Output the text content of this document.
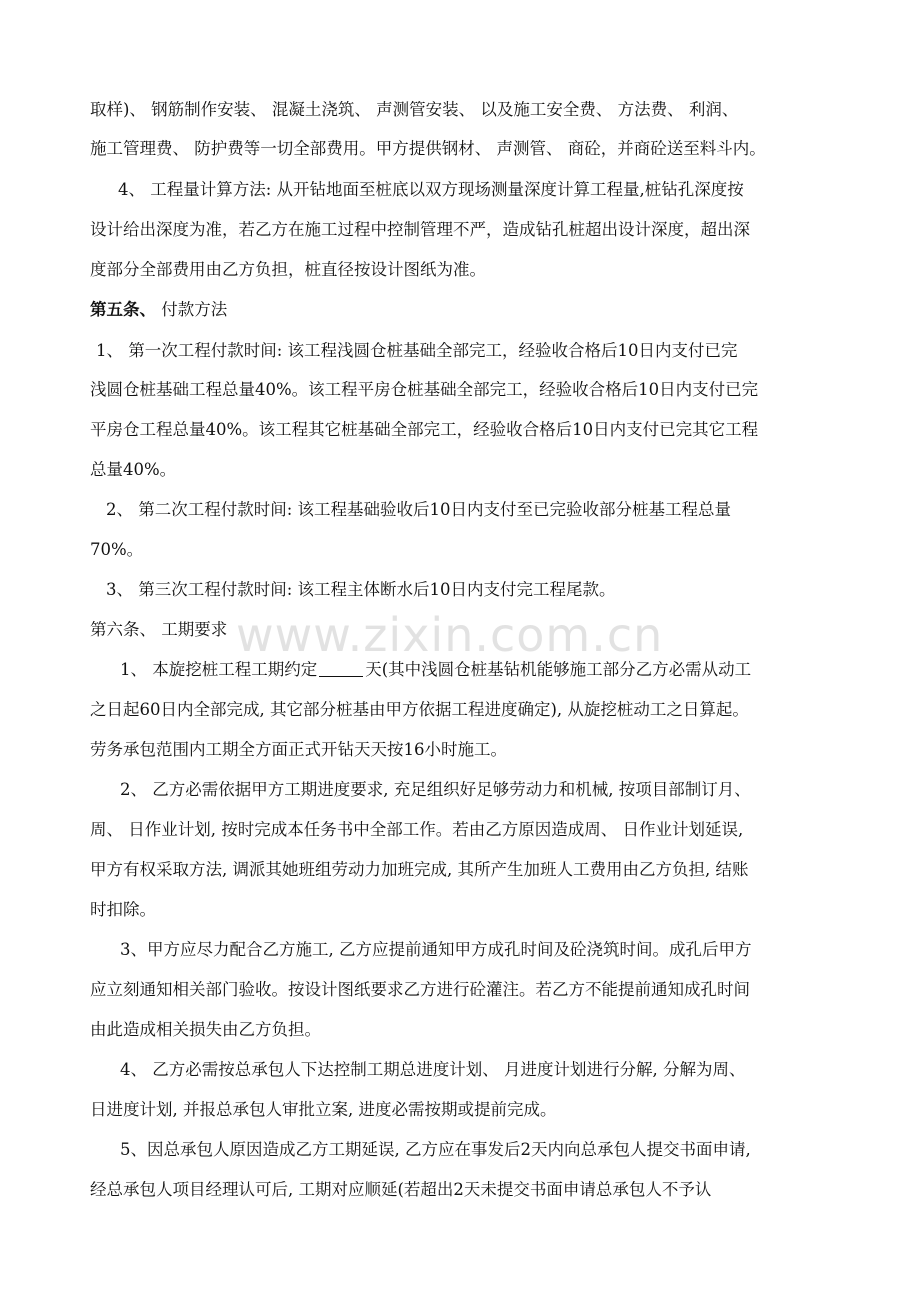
www.zixin.com.cn
取样)、 钢筋制作安装、 混凝土浇筑、 声测管安装、 以及施工安全费、 方法费、 利润、
施工管理费、 防护费等一切全部费用。甲方提供钢材、 声测管、 商砼，并商砼送至料斗内。
4、 工程量计算方法: 从开钻地面至桩底以双方现场测量深度计算工程量,桩钻孔深度按
设计给出深度为准，若乙方在施工过程中控制管理不严，造成钻孔桩超出设计深度，超出深
度部分全部费用由乙方负担，桩直径按设计图纸为准。
第五条、 付款方法
1、 第一次工程付款时间: 该工程浅圆仓桩基础全部完工，经验收合格后10日内支付已完
浅圆仓桩基础工程总量40%。该工程平房仓桩基础全部完工，经验收合格后10日内支付已完
平房仓工程总量40%。该工程其它桩基础全部完工，经验收合格后10日内支付已完其它工程
总量40%。
2、 第二次工程付款时间: 该工程基础验收后10日内支付至已完验收部分桩基工程总量
70%。
3、 第三次工程付款时间: 该工程主体断水后10日内支付完工程尾款。
第六条、 工期要求
1、 本旋挖桩工程工期约定	天(其中浅圆仓桩基钻机能够施工部分乙方必需从动工
之日起60日内全部完成, 其它部分桩基由甲方依据工程进度确定), 从旋挖桩动工之日算起。
劳务承包范围内工期全方面正式开钻天天按16小时施工。
2、 乙方必需依据甲方工期进度要求, 充足组织好足够劳动力和机械, 按项目部制订月、
周、 日作业计划, 按时完成本任务书中全部工作。若由乙方原因造成周、 日作业计划延误,
甲方有权采取方法, 调派其她班组劳动力加班完成, 其所产生加班人工费用由乙方负担, 结账
时扣除。
3、甲方应尽力配合乙方施工, 乙方应提前通知甲方成孔时间及砼浇筑时间。成孔后甲方
应立刻通知相关部门验收。按设计图纸要求乙方进行砼灌注。若乙方不能提前通知成孔时间
由此造成相关损失由乙方负担。
4、 乙方必需按总承包人下达控制工期总进度计划、 月进度计划进行分解, 分解为周、
日进度计划, 并报总承包人审批立案, 进度必需按期或提前完成。
5、因总承包人原因造成乙方工期延误, 乙方应在事发后2天内向总承包人提交书面申请,
经总承包人项目经理认可后, 工期对应顺延(若超出2天未提交书面申请总承包人不予认
